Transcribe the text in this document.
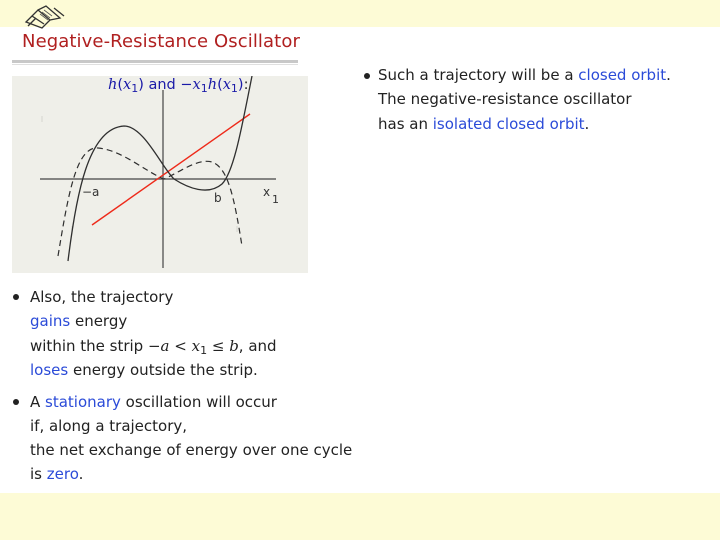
Negative-Resistance Oscillator
$h(x_1)$ and $-x_1h(x_1)$:
−a	b	x
1
Such a trajectory will be a closed orbit.
The negative-resistance oscillator
has an isolated closed orbit.
Also, the trajectory
gains energy
within the strip $-a < x_1 \le b$, and
loses energy outside the strip.
A stationary oscillation will occur
if, along a trajectory,
the net exchange of energy over one cycle
is zero.
